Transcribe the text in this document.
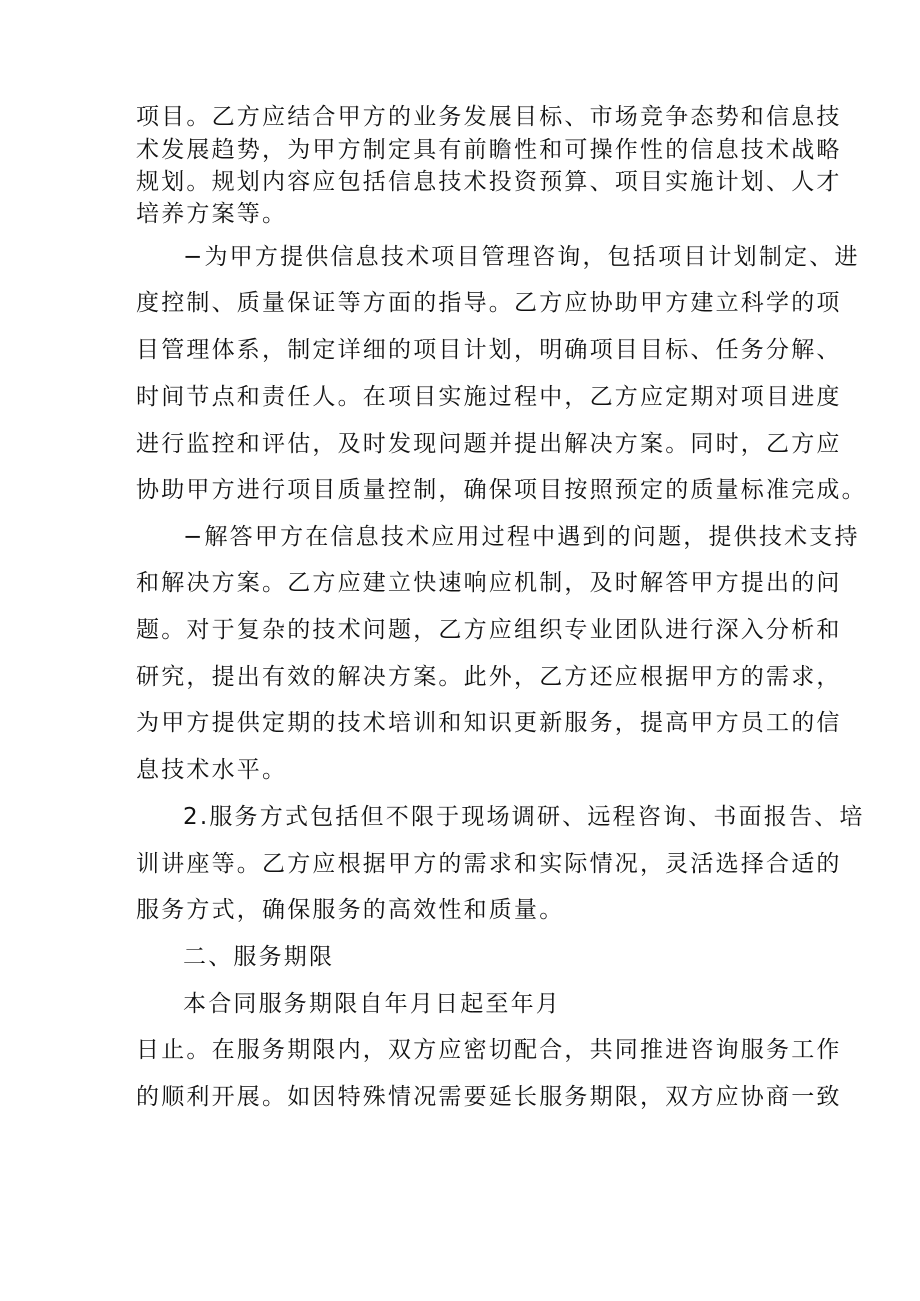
项目。乙方应结合甲方的业务发展目标、市场竞争态势和信息技
术发展趋势，为甲方制定具有前瞻性和可操作性的信息技术战略
规划。规划内容应包括信息技术投资预算、项目实施计划、人才
培养方案等。
−为甲方提供信息技术项目管理咨询，包括项目计划制定、进
度控制、质量保证等方面的指导。乙方应协助甲方建立科学的项
目管理体系，制定详细的项目计划，明确项目目标、任务分解、
时间节点和责任人。在项目实施过程中，乙方应定期对项目进度
进行监控和评估，及时发现问题并提出解决方案。同时，乙方应
协助甲方进行项目质量控制，确保项目按照预定的质量标准完成。
−解答甲方在信息技术应用过程中遇到的问题，提供技术支持
和解决方案。乙方应建立快速响应机制，及时解答甲方提出的问
题。对于复杂的技术问题，乙方应组织专业团队进行深入分析和
研究，提出有效的解决方案。此外，乙方还应根据甲方的需求，
为甲方提供定期的技术培训和知识更新服务，提高甲方员工的信
息技术水平。
2.服务方式包括但不限于现场调研、远程咨询、书面报告、培
训讲座等。乙方应根据甲方的需求和实际情况，灵活选择合适的
服务方式，确保服务的高效性和质量。
二、服务期限
本合同服务期限自年月日起至年月
日止。在服务期限内，双方应密切配合，共同推进咨询服务工作
的顺利开展。如因特殊情况需要延长服务期限，双方应协商一致
